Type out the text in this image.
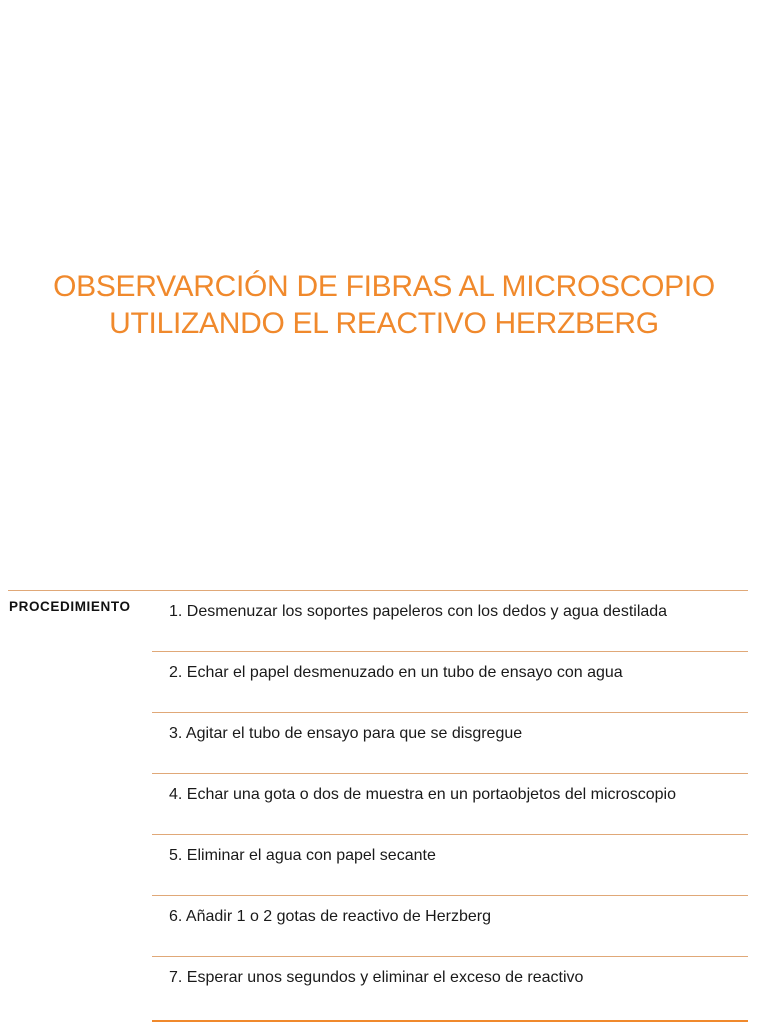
OBSERVARCIÓN DE FIBRAS AL MICROSCOPIO
UTILIZANDO EL REACTIVO HERZBERG
PROCEDIMIENTO 1. Desmenuzar los soportes papeleros con los dedos y agua destilada
2. Echar el papel desmenuzado en un tubo de ensayo con agua
3. Agitar el tubo de ensayo para que se disgregue
4. Echar una gota o dos de muestra en un portaobjetos del microscopio
5. Eliminar el agua con papel secante
6. Añadir 1 o 2 gotas de reactivo de Herzberg
7. Esperar unos segundos y eliminar el exceso de reactivo
